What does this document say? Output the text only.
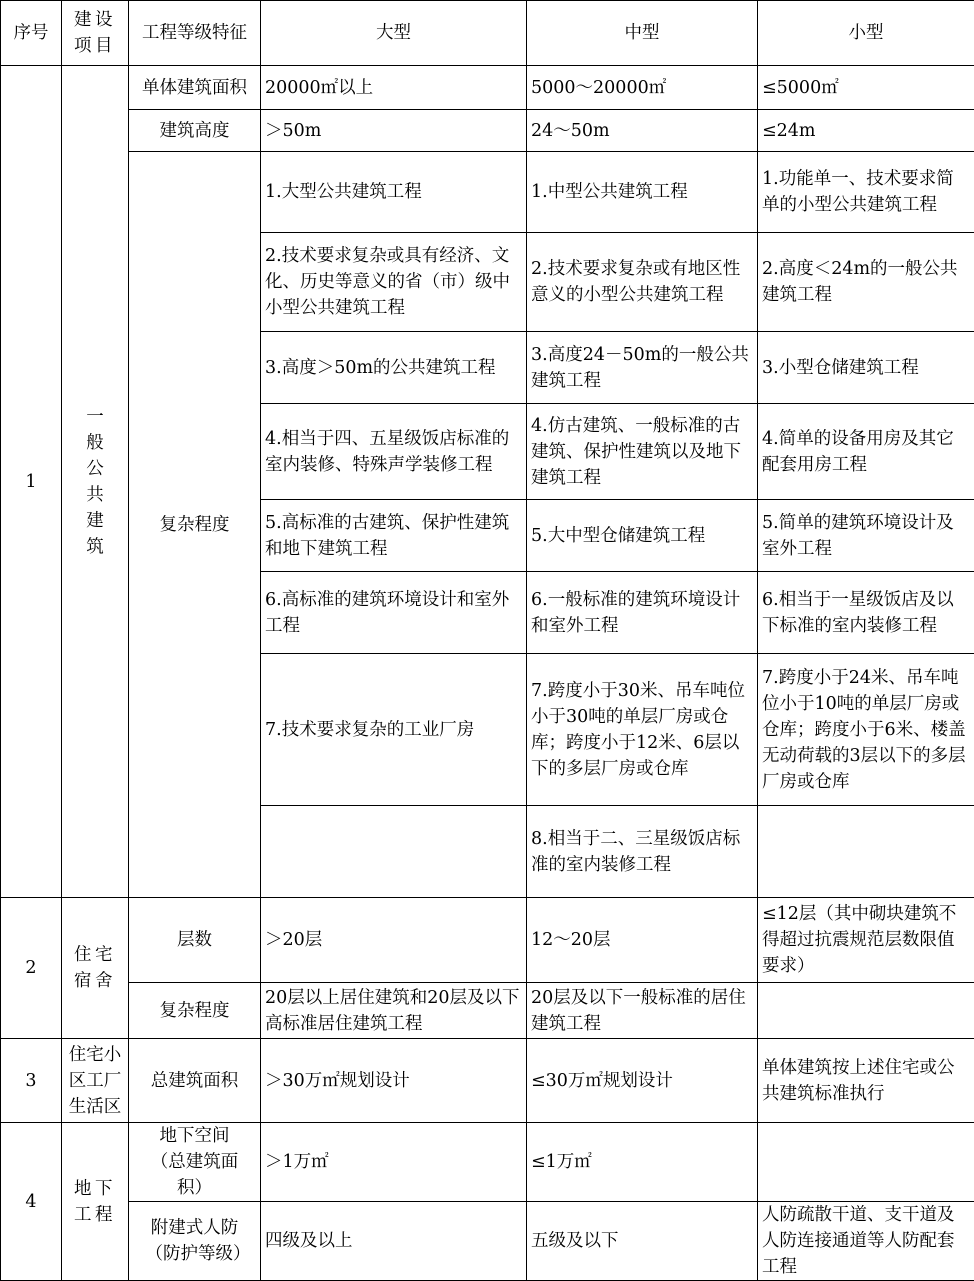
序号	建设项目	工程等级特征	大型	中型	小型
1	一般公共建筑	单体建筑面积	20000㎡以上	5000～20000㎡	≤5000㎡
		建筑高度	＞50m	24～50m	≤24m
		复杂程度	1.大型公共建筑工程	1.中型公共建筑工程	1.功能单一、技术要求简单的小型公共建筑工程
			2.技术要求复杂或具有经济、文化、历史等意义的省（市）级中小型公共建筑工程	2.技术要求复杂或有地区性意义的小型公共建筑工程	2.高度＜24m的一般公共建筑工程
			3.高度＞50m的公共建筑工程	3.高度24－50m的一般公共建筑工程	3.小型仓储建筑工程
			4.相当于四、五星级饭店标准的室内装修、特殊声学装修工程	4.仿古建筑、一般标准的古建筑、保护性建筑以及地下建筑工程	4.简单的设备用房及其它配套用房工程
			5.高标准的古建筑、保护性建筑和地下建筑工程	5.大中型仓储建筑工程	5.简单的建筑环境设计及室外工程
			6.高标准的建筑环境设计和室外工程	6.一般标准的建筑环境设计和室外工程	6.相当于一星级饭店及以下标准的室内装修工程
			7.技术要求复杂的工业厂房	7.跨度小于30米、吊车吨位小于30吨的单层厂房或仓库；跨度小于12米、6层以下的多层厂房或仓库	7.跨度小于24米、吊车吨位小于10吨的单层厂房或仓库；跨度小于6米、楼盖无动荷载的3层以下的多层厂房或仓库
				8.相当于二、三星级饭店标准的室内装修工程	
2	住宅宿舍	层数	＞20层	12～20层	≤12层（其中砌块建筑不得超过抗震规范层数限值要求）
		复杂程度	20层以上居住建筑和20层及以下高标准居住建筑工程	20层及以下一般标准的居住建筑工程	
3	住宅小区工厂生活区	总建筑面积	＞30万㎡规划设计	≤30万㎡规划设计	单体建筑按上述住宅或公共建筑标准执行
4	地下工程	地下空间（总建筑面积）	＞1万㎡	≤1万㎡	
		附建式人防（防护等级）	四级及以上	五级及以下	人防疏散干道、支干道及人防连接通道等人防配套工程
